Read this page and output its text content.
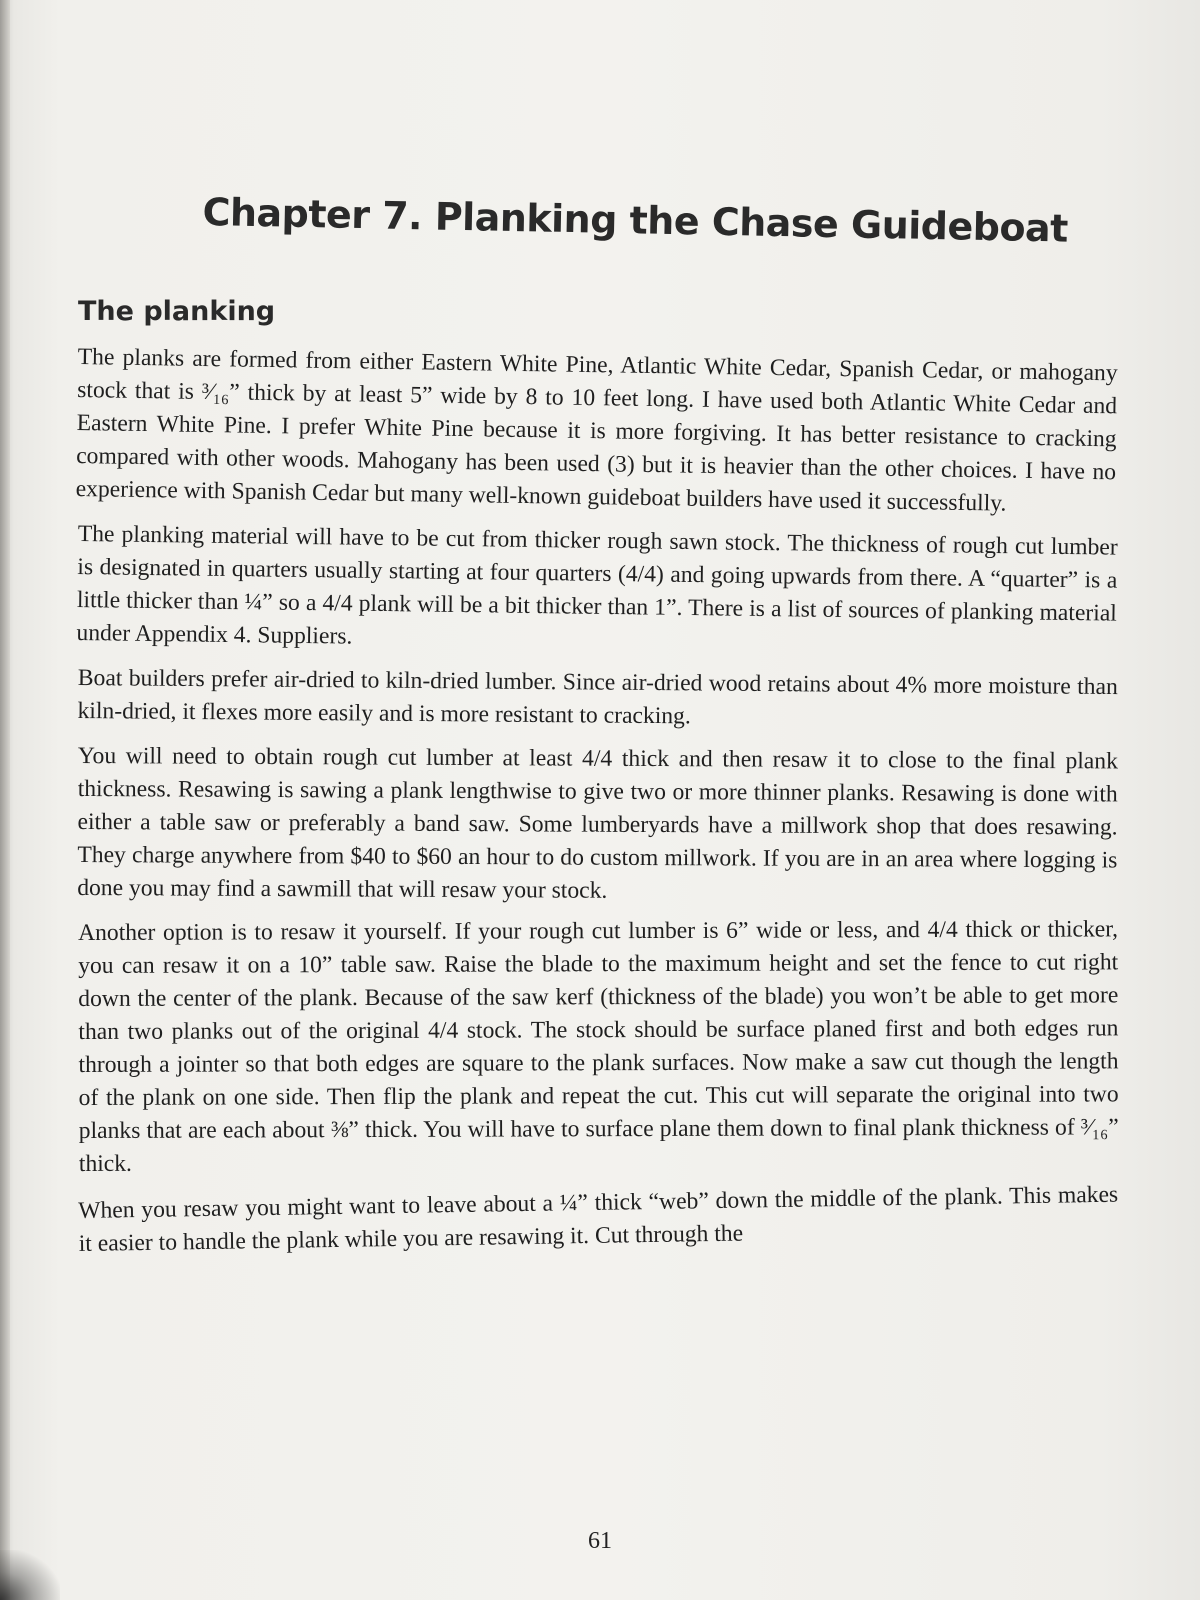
Chapter 7. Planking the Chase Guideboat
The planking

The planks are formed from either Eastern White Pine, Atlantic White Cedar, Spanish Cedar, or mahogany stock that is ³⁄₁₆” thick by at least 5” wide by 8 to 10 feet long. I have used both Atlantic White Cedar and Eastern White Pine. I prefer White Pine because it is more forgiving. It has better resistance to cracking compared with other woods. Mahogany has been used (3) but it is heavier than the other choices. I have no experience with Spanish Cedar but many well-known guideboat builders have used it successfully.

The planking material will have to be cut from thicker rough sawn stock. The thickness of rough cut lumber is designated in quarters usually starting at four quarters (4/4) and going upwards from there. A “quarter” is a little thicker than ¼” so a 4/4 plank will be a bit thicker than 1”. There is a list of sources of planking material under Appendix 4. Suppliers.

Boat builders prefer air-dried to kiln-dried lumber. Since air-dried wood retains about 4% more moisture than kiln-dried, it flexes more easily and is more resistant to cracking.

You will need to obtain rough cut lumber at least 4/4 thick and then resaw it to close to the final plank thickness. Resawing is sawing a plank lengthwise to give two or more thinner planks. Resawing is done with either a table saw or preferably a band saw. Some lumberyards have a millwork shop that does resawing. They charge anywhere from $40 to $60 an hour to do custom millwork. If you are in an area where logging is done you may find a sawmill that will resaw your stock.

Another option is to resaw it yourself. If your rough cut lumber is 6” wide or less, and 4/4 thick or thicker, you can resaw it on a 10” table saw. Raise the blade to the maximum height and set the fence to cut right down the center of the plank. Because of the saw kerf (thickness of the blade) you won’t be able to get more than two planks out of the original 4/4 stock. The stock should be surface planed first and both edges run through a jointer so that both edges are square to the plank surfaces. Now make a saw cut though the length of the plank on one side. Then flip the plank and repeat the cut. This cut will separate the original into two planks that are each about ⅜” thick. You will have to surface plane them down to final plank thickness of ³⁄₁₆” thick.

When you resaw you might want to leave about a ¼” thick “web” down the middle of the plank. This makes it easier to handle the plank while you are resawing it. Cut through the

61
